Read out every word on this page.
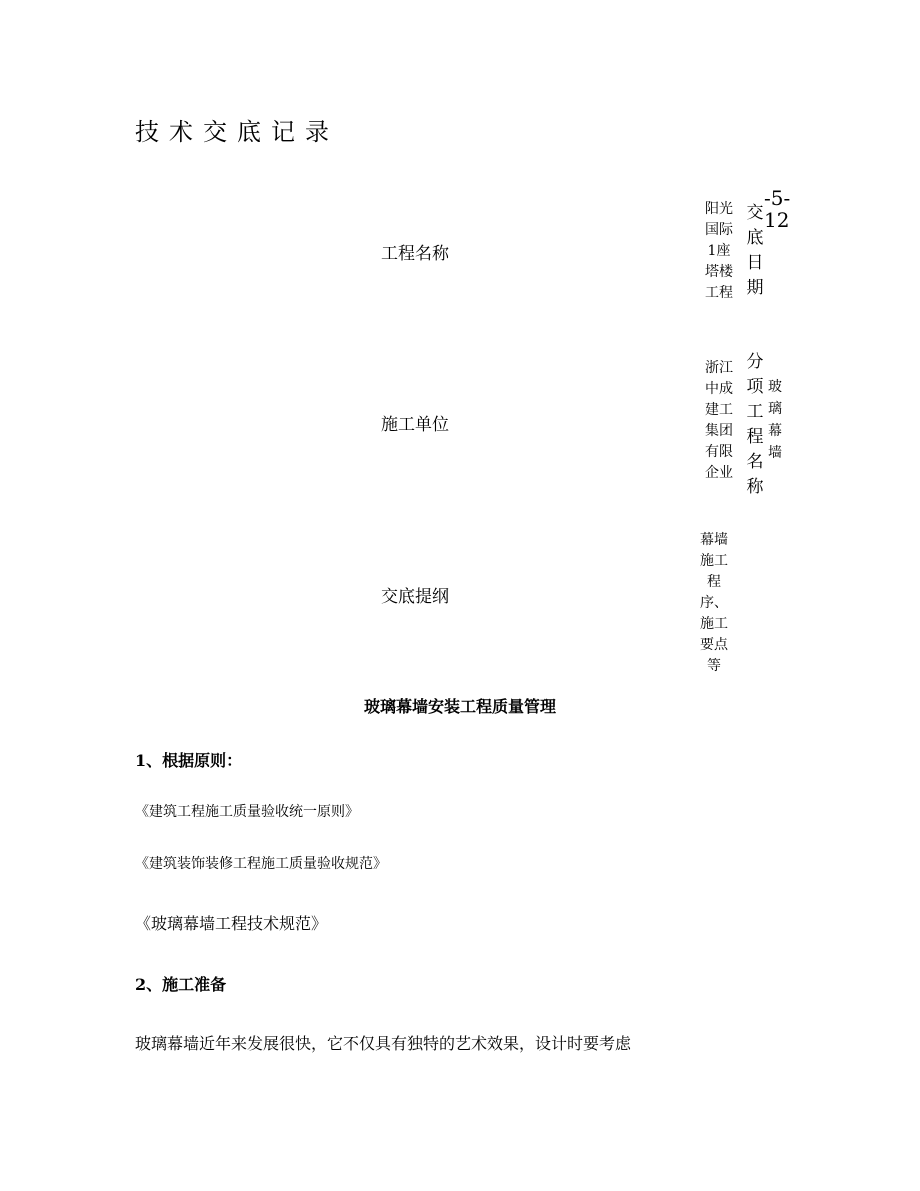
技术交底记录
工程名称
阳光国际1座塔楼工程
交底日期
-5-12
施工单位
浙江中成建工集团有限企业
分项工程名称
玻璃幕墙
交底提纲
幕墙施工程序、施工要点等
玻璃幕墙安装工程质量管理
1、根据原则：
《建筑工程施工质量验收统一原则》
《建筑装饰装修工程施工质量验收规范》
《玻璃幕墙工程技术规范》
2、施工准备
玻璃幕墙近年来发展很快，它不仅具有独特的艺术效果，设计时要考虑
